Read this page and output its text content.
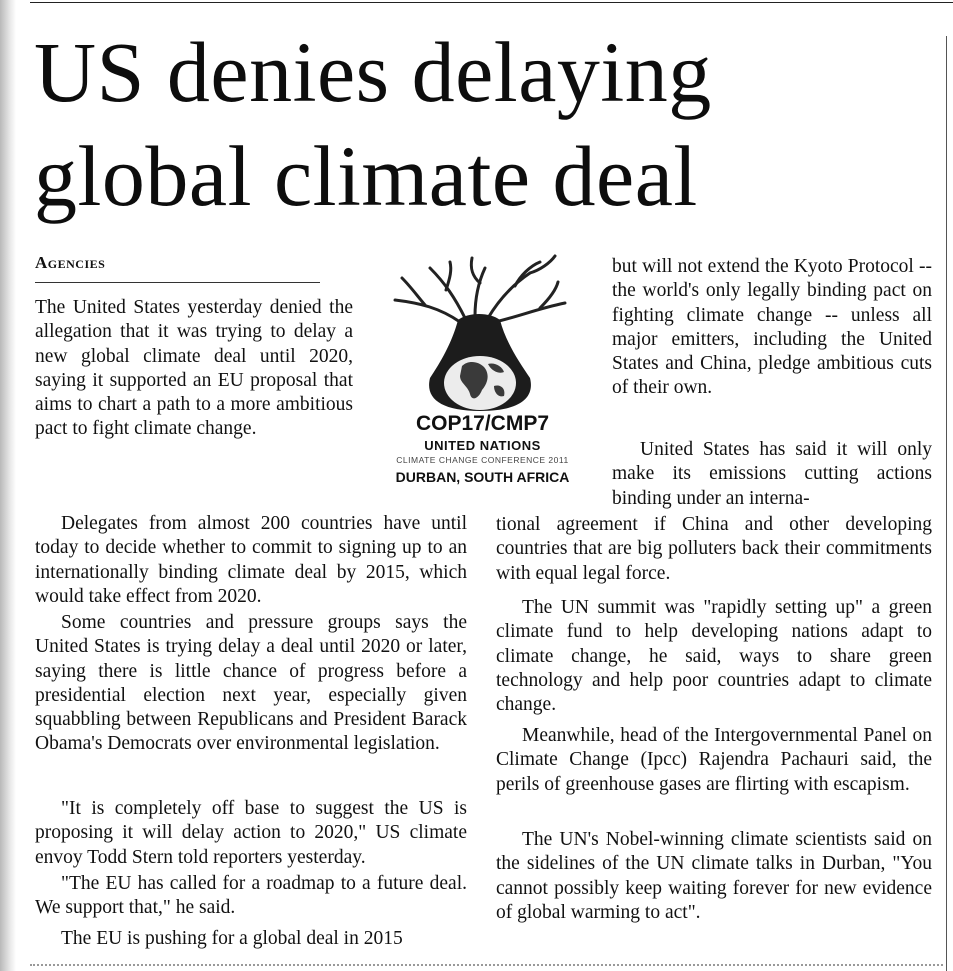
US denies delaying global climate deal
Agencies

The United States yesterday denied the allegation that it was trying to delay a new global climate deal until 2020, saying it supported an EU proposal that aims to chart a path to a more ambitious pact to fight climate change.

Delegates from almost 200 countries have until today to decide whether to commit to signing up to an internationally binding climate deal by 2015, which would take effect from 2020.

Some countries and pressure groups says the United States is trying delay a deal until 2020 or later, saying there is little chance of progress before a presidential election next year, especially given squabbling between Republicans and President Barack Obama's Democrats over environmental legislation.

"It is completely off base to suggest the US is proposing it will delay action to 2020," US climate envoy Todd Stern told reporters yesterday.

"The EU has called for a roadmap to a future deal. We support that," he said.

The EU is pushing for a global deal in 2015

but will not extend the Kyoto Protocol -- the world's only legally binding pact on fighting climate change -- unless all major emitters, including the United States and China, pledge ambitious cuts of their own.

United States has said it will only make its emissions cutting actions binding under an interna-

tional agreement if China and other developing countries that are big polluters back their commitments with equal legal force.

The UN summit was "rapidly setting up" a green climate fund to help developing nations adapt to climate change, he said, ways to share green technology and help poor countries adapt to climate change.

Meanwhile, head of the Intergovernmental Panel on Climate Change (Ipcc) Rajendra Pachauri said, the perils of greenhouse gases are flirting with escapism.

The UN's Nobel-winning climate scientists said on the sidelines of the UN climate talks in Durban, "You cannot possibly keep waiting forever for new evidence of global warming to act".

COP17/CMP7
UNITED NATIONS
CLIMATE CHANGE CONFERENCE 2011
DURBAN, SOUTH AFRICA
